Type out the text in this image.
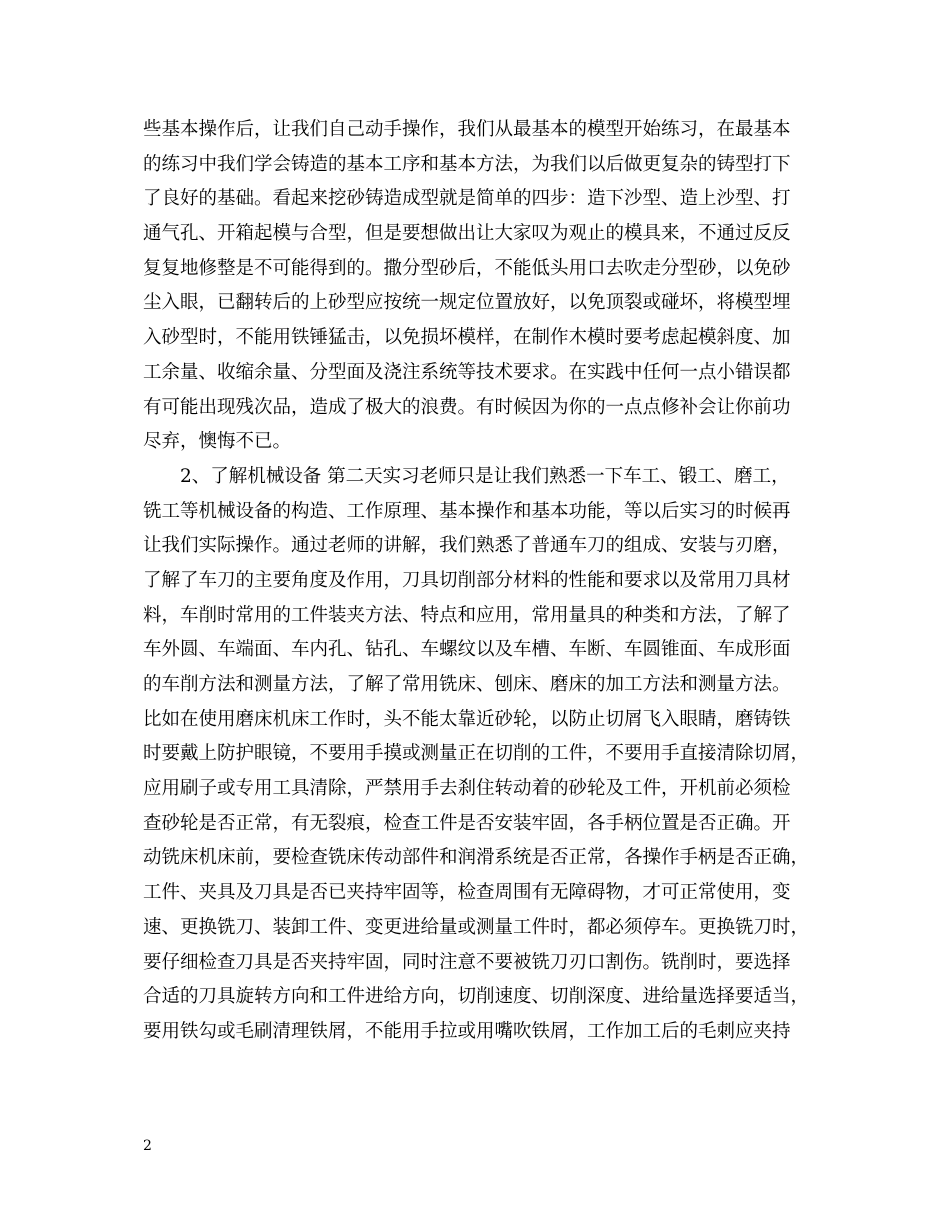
些基本操作后，让我们自己动手操作，我们从最基本的模型开始练习，在最基本
的练习中我们学会铸造的基本工序和基本方法，为我们以后做更复杂的铸型打下
了良好的基础。看起来挖砂铸造成型就是简单的四步：造下沙型、造上沙型、打
通气孔、开箱起模与合型，但是要想做出让大家叹为观止的模具来，不通过反反
复复地修整是不可能得到的。撒分型砂后，不能低头用口去吹走分型砂，以免砂
尘入眼，已翻转后的上砂型应按统一规定位置放好，以免顶裂或碰坏，将模型埋
入砂型时，不能用铁锤猛击，以免损坏模样，在制作木模时要考虑起模斜度、加
工余量、收缩余量、分型面及浇注系统等技术要求。在实践中任何一点小错误都
有可能出现残次品，造成了极大的浪费。有时候因为你的一点点修补会让你前功
尽弃，懊悔不已。
2、了解机械设备 第二天实习老师只是让我们熟悉一下车工、锻工、磨工，
铣工等机械设备的构造、工作原理、基本操作和基本功能，等以后实习的时候再
让我们实际操作。通过老师的讲解，我们熟悉了普通车刀的组成、安装与刃磨，
了解了车刀的主要角度及作用，刀具切削部分材料的性能和要求以及常用刀具材
料，车削时常用的工件装夹方法、特点和应用，常用量具的种类和方法，了解了
车外圆、车端面、车内孔、钻孔、车螺纹以及车槽、车断、车圆锥面、车成形面
的车削方法和测量方法，了解了常用铣床、刨床、磨床的加工方法和测量方法。
比如在使用磨床机床工作时，头不能太靠近砂轮，以防止切屑飞入眼睛，磨铸铁
时要戴上防护眼镜，不要用手摸或测量正在切削的工件，不要用手直接清除切屑，
应用刷子或专用工具清除，严禁用手去刹住转动着的砂轮及工件，开机前必须检
查砂轮是否正常，有无裂痕，检查工件是否安装牢固，各手柄位置是否正确。开
动铣床机床前，要检查铣床传动部件和润滑系统是否正常，各操作手柄是否正确，
工件、夹具及刀具是否已夹持牢固等，检查周围有无障碍物，才可正常使用，变
速、更换铣刀、装卸工件、变更进给量或测量工件时，都必须停车。更换铣刀时，
要仔细检查刀具是否夹持牢固，同时注意不要被铣刀刃口割伤。铣削时，要选择
合适的刀具旋转方向和工件进给方向，切削速度、切削深度、进给量选择要适当，
要用铁勾或毛刷清理铁屑，不能用手拉或用嘴吹铁屑，工作加工后的毛刺应夹持
2
